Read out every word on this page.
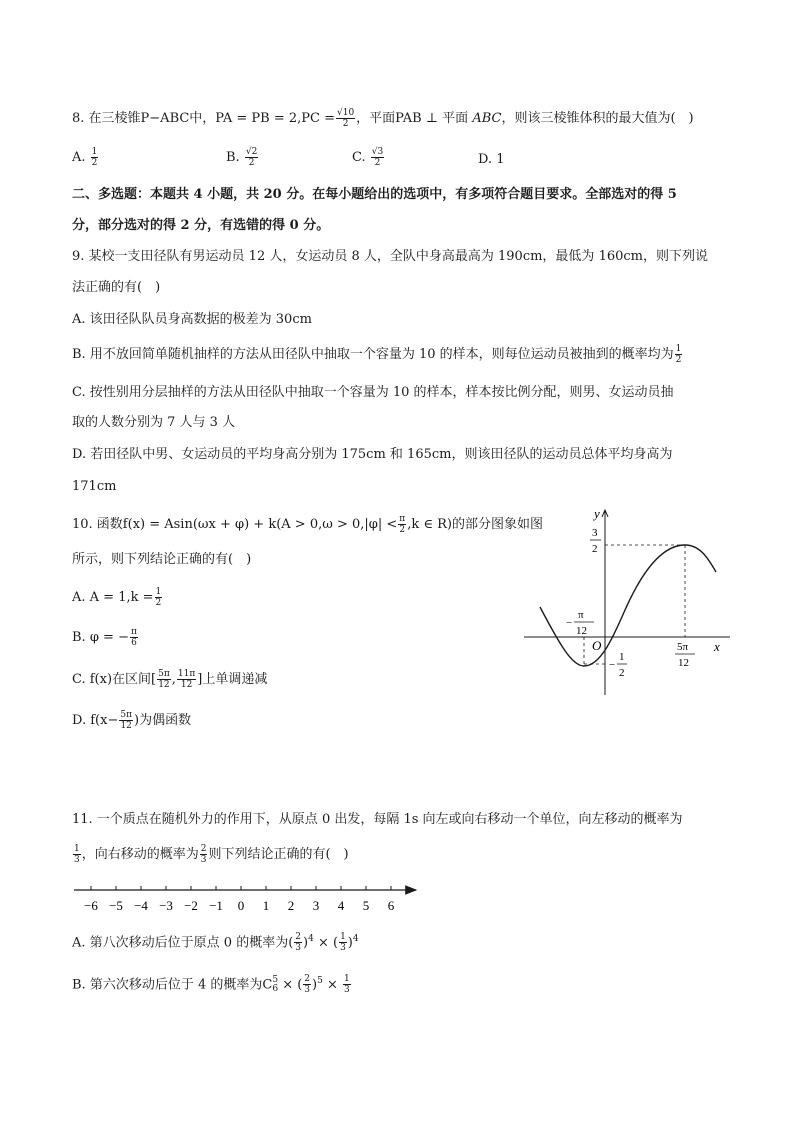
8. 在三棱锥P−ABC中，PA = PB = $2,PC = \frac{√10}{2}$ ，平面PAB ⊥ 平面 ABC，则该三棱锥体积的最大值为(　)
A. $\frac{1}{2}$	B. $\frac{√2}{2}$	C. $\frac{√3}{2}$	D. 1
二、多选题：本题共 4 小题，共 20 分。在每小题给出的选项中，有多项符合题目要求。全部选对的得 5
分，部分选对的得 2 分，有选错的得 0 分。
9. 某校一支田径队有男运动员 12 人，女运动员 8 人，全队中身高最高为 190cm，最低为 160cm，则下列说
法正确的有(　)
A. 该田径队队员身高数据的极差为 30cm
B. 用不放回简单随机抽样的方法从田径队中抽取一个容量为 10 的样本，则每位运动员被抽到的概率均为 $\frac{1}{2}$
C. 按性别用分层抽样的方法从田径队中抽取一个容量为 10 的样本，样本按比例分配，则男、女运动员抽
取的人数分别为 7 人与 3 人
D. 若田径队中男、女运动员的平均身高分别为 175cm 和 165cm，则该田径队的运动员总体平均身高为
171cm
10. 函数$f(x) = Asin(\omega x + \varphi) + k(A > 0,\omega > 0,|\varphi| < \frac{\pi}{2} ,k$ ∈ R)的部分图象如图
所示，则下列结论正确的有(　)
A. $A = 1,k = \frac{1}{2}$
B. φ = − $\frac{\pi}{6}$
C. f(x)在区间[ $\frac{5\pi}{12}$ , $\frac{11\pi}{12}$ ]上单调递减
D. $f(x- \frac{5\pi}{12}$ )为偶函数
y
x
O
3
2
−
π
12
−
1
2
5π
12
11. 一个质点在随机外力的作用下，从原点 0 出发，每隔 1s 向左或向右移动一个单位，向左移动的概率为
$\frac{1}{3}$ ，向右移动的概率为 $\frac{2}{3}$ 则下列结论正确的有(　)
−6 −5 −4 −3 −2 −1 0 1 2 3 4 5 6
A. 第八次移动后位于原点 0 的概率为( $\frac{2}{3} )^4$ × ( $\frac{1}{3} )^4$
B. 第六次移动后位于 4 的概率为C 5
6 × ( $\frac{2}{3} )^5 \times \frac{1}{3}$
